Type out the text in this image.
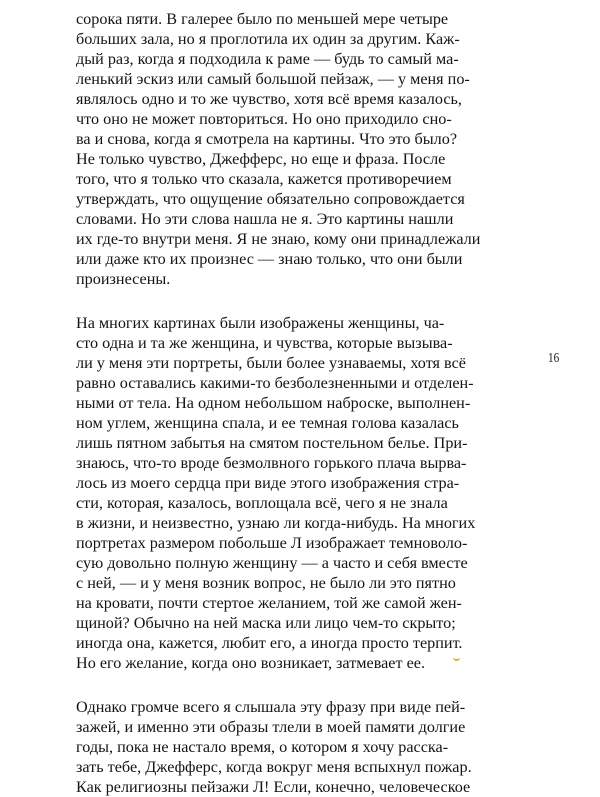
сорока пяти. В галерее было по меньшей мере четыре
больших зала, но я проглотила их один за другим. Каж-
дый раз, когда я подходила к раме — будь то самый ма-
ленький эскиз или самый большой пейзаж, — у меня по-
являлось одно и то же чувство, хотя всё время казалось,
что оно не может повториться. Но оно приходило сно-
ва и снова, когда я смотрела на картины. Что это было?
Не только чувство, Джефферс, но еще и фраза. После
того, что я только что сказала, кажется противоречием
утверждать, что ощущение обязательно сопровождается
словами. Но эти слова нашла не я. Это картины нашли
их где-то внутри меня. Я не знаю, кому они принадлежали
или даже кто их произнес — знаю только, что они были
произнесены.
На многих картинах были изображены женщины, ча-
сто одна и та же женщина, и чувства, которые вызыва-
ли у меня эти портреты, были более узнаваемы, хотя всё
равно оставались какими-то безболезненными и отделен-
ными от тела. На одном небольшом наброске, выполнен-
ном углем, женщина спала, и ее темная голова казалась
лишь пятном забытья на смятом постельном белье. При-
знаюсь, что-то вроде безмолвного горького плача вырва-
лось из моего сердца при виде этого изображения стра-
сти, которая, казалось, воплощала всё, чего я не знала
в жизни, и неизвестно, узнаю ли когда-нибудь. На многих
портретах размером побольше Л изображает темноволо-
сую довольно полную женщину — а часто и себя вместе
с ней, — и у меня возник вопрос, не было ли это пятно
на кровати, почти стертое желанием, той же самой жен-
щиной? Обычно на ней маска или лицо чем-то скрыто;
иногда она, кажется, любит его, а иногда просто терпит.
Но его желание, когда оно возникает, затмевает ее.
Однако громче всего я слышала эту фразу при виде пей-
зажей, и именно эти образы тлели в моей памяти долгие
годы, пока не настало время, о котором я хочу расска-
зать тебе, Джефферс, когда вокруг меня вспыхнул пожар.
Как религиозны пейзажи Л! Если, конечно, человеческое
16
